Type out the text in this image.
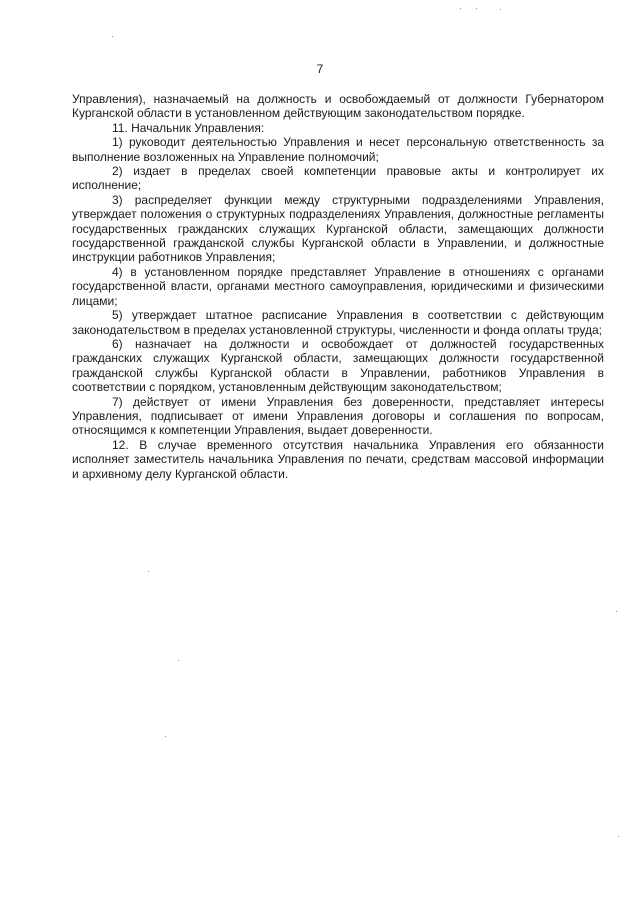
7

Управления), назначаемый на должность и освобождаемый от должности Губернатором Курганской области в установленном действующим законодательством порядке.

11. Начальник Управления:

1) руководит деятельностью Управления и несет персональную ответственность за выполнение возложенных на Управление полномочий;

2) издает в пределах своей компетенции правовые акты и контролирует их исполнение;

3) распределяет функции между структурными подразделениями Управления, утверждает положения о структурных подразделениях Управления, должностные регламенты государственных гражданских служащих Курганской области, замещающих должности государственной гражданской службы Курганской области в Управлении, и должностные инструкции работников Управления;

4) в установленном порядке представляет Управление в отношениях с органами государственной власти, органами местного самоуправления, юридическими и физическими лицами;

5) утверждает штатное расписание Управления в соответствии с действующим законодательством в пределах установленной структуры, численности и фонда оплаты труда;

6) назначает на должности и освобождает от должностей государственных гражданских служащих Курганской области, замещающих должности государственной гражданской службы Курганской области в Управлении, работников Управления в соответствии с порядком, установленным действующим законодательством;

7) действует от имени Управления без доверенности, представляет интересы Управления, подписывает от имени Управления договоры и соглашения по вопросам, относящимся к компетенции Управления, выдает доверенности.

12. В случае временного отсутствия начальника Управления его обязанности исполняет заместитель начальника Управления по печати, средствам массовой информации и архивному делу Курганской области.
